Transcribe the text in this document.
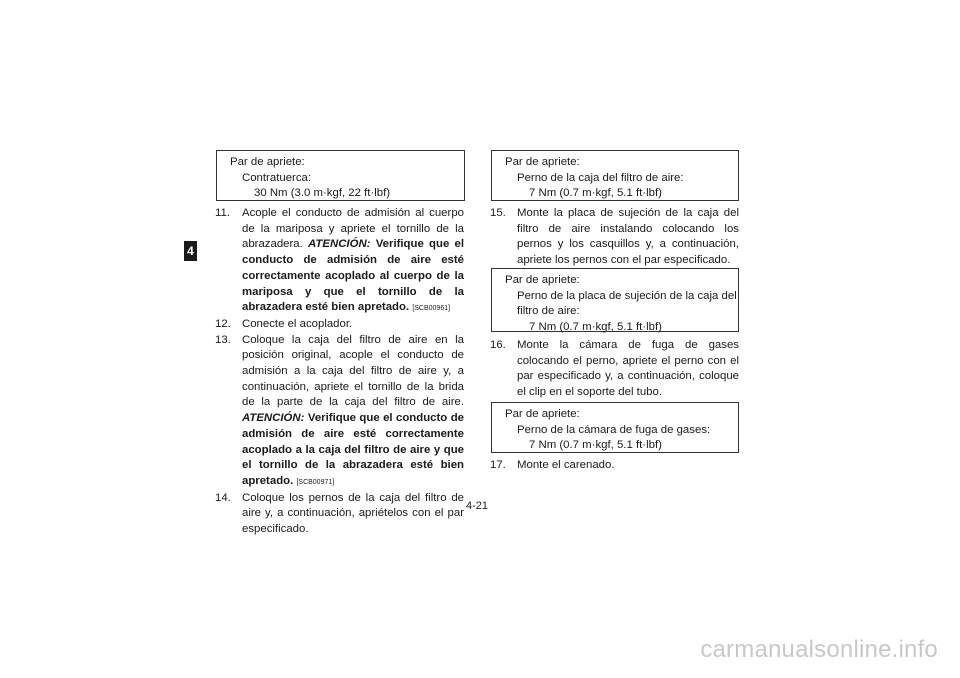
4
Par de apriete:
Contratuerca:
30 Nm (3.0 m·kgf, 22 ft·lbf)
11. Acople el conducto de admisión al cuerpo de la mariposa y apriete el tornillo de la abrazadera. ATENCIÓN: Verifique que el conducto de admisión de aire esté correctamente acoplado al cuerpo de la mariposa y que el tornillo de la abrazadera esté bien apretado. [SCB00961]
12. Conecte el acoplador.
13. Coloque la caja del filtro de aire en la posición original, acople el conducto de admisión a la caja del filtro de aire y, a continuación, apriete el tornillo de la brida de la parte de la caja del filtro de aire. ATENCIÓN: Verifique que el conducto de admisión de aire esté correctamente acoplado a la caja del filtro de aire y que el tornillo de la abrazadera esté bien apretado. [SCB00971]
14. Coloque los pernos de la caja del filtro de aire y, a continuación, apriételos con el par especificado.
Par de apriete:
Perno de la caja del filtro de aire:
7 Nm (0.7 m·kgf, 5.1 ft·lbf)
15. Monte la placa de sujeción de la caja del filtro de aire instalando colocando los pernos y los casquillos y, a continuación, apriete los pernos con el par especificado.
Par de apriete:
Perno de la placa de sujeción de la caja del
filtro de aire:
7 Nm (0.7 m·kgf, 5.1 ft·lbf)
16. Monte la cámara de fuga de gases colocando el perno, apriete el perno con el par especificado y, a continuación, coloque el clip en el soporte del tubo.
Par de apriete:
Perno de la cámara de fuga de gases:
7 Nm (0.7 m·kgf, 5.1 ft·lbf)
17. Monte el carenado.
4-21
carmanualsonline.info
